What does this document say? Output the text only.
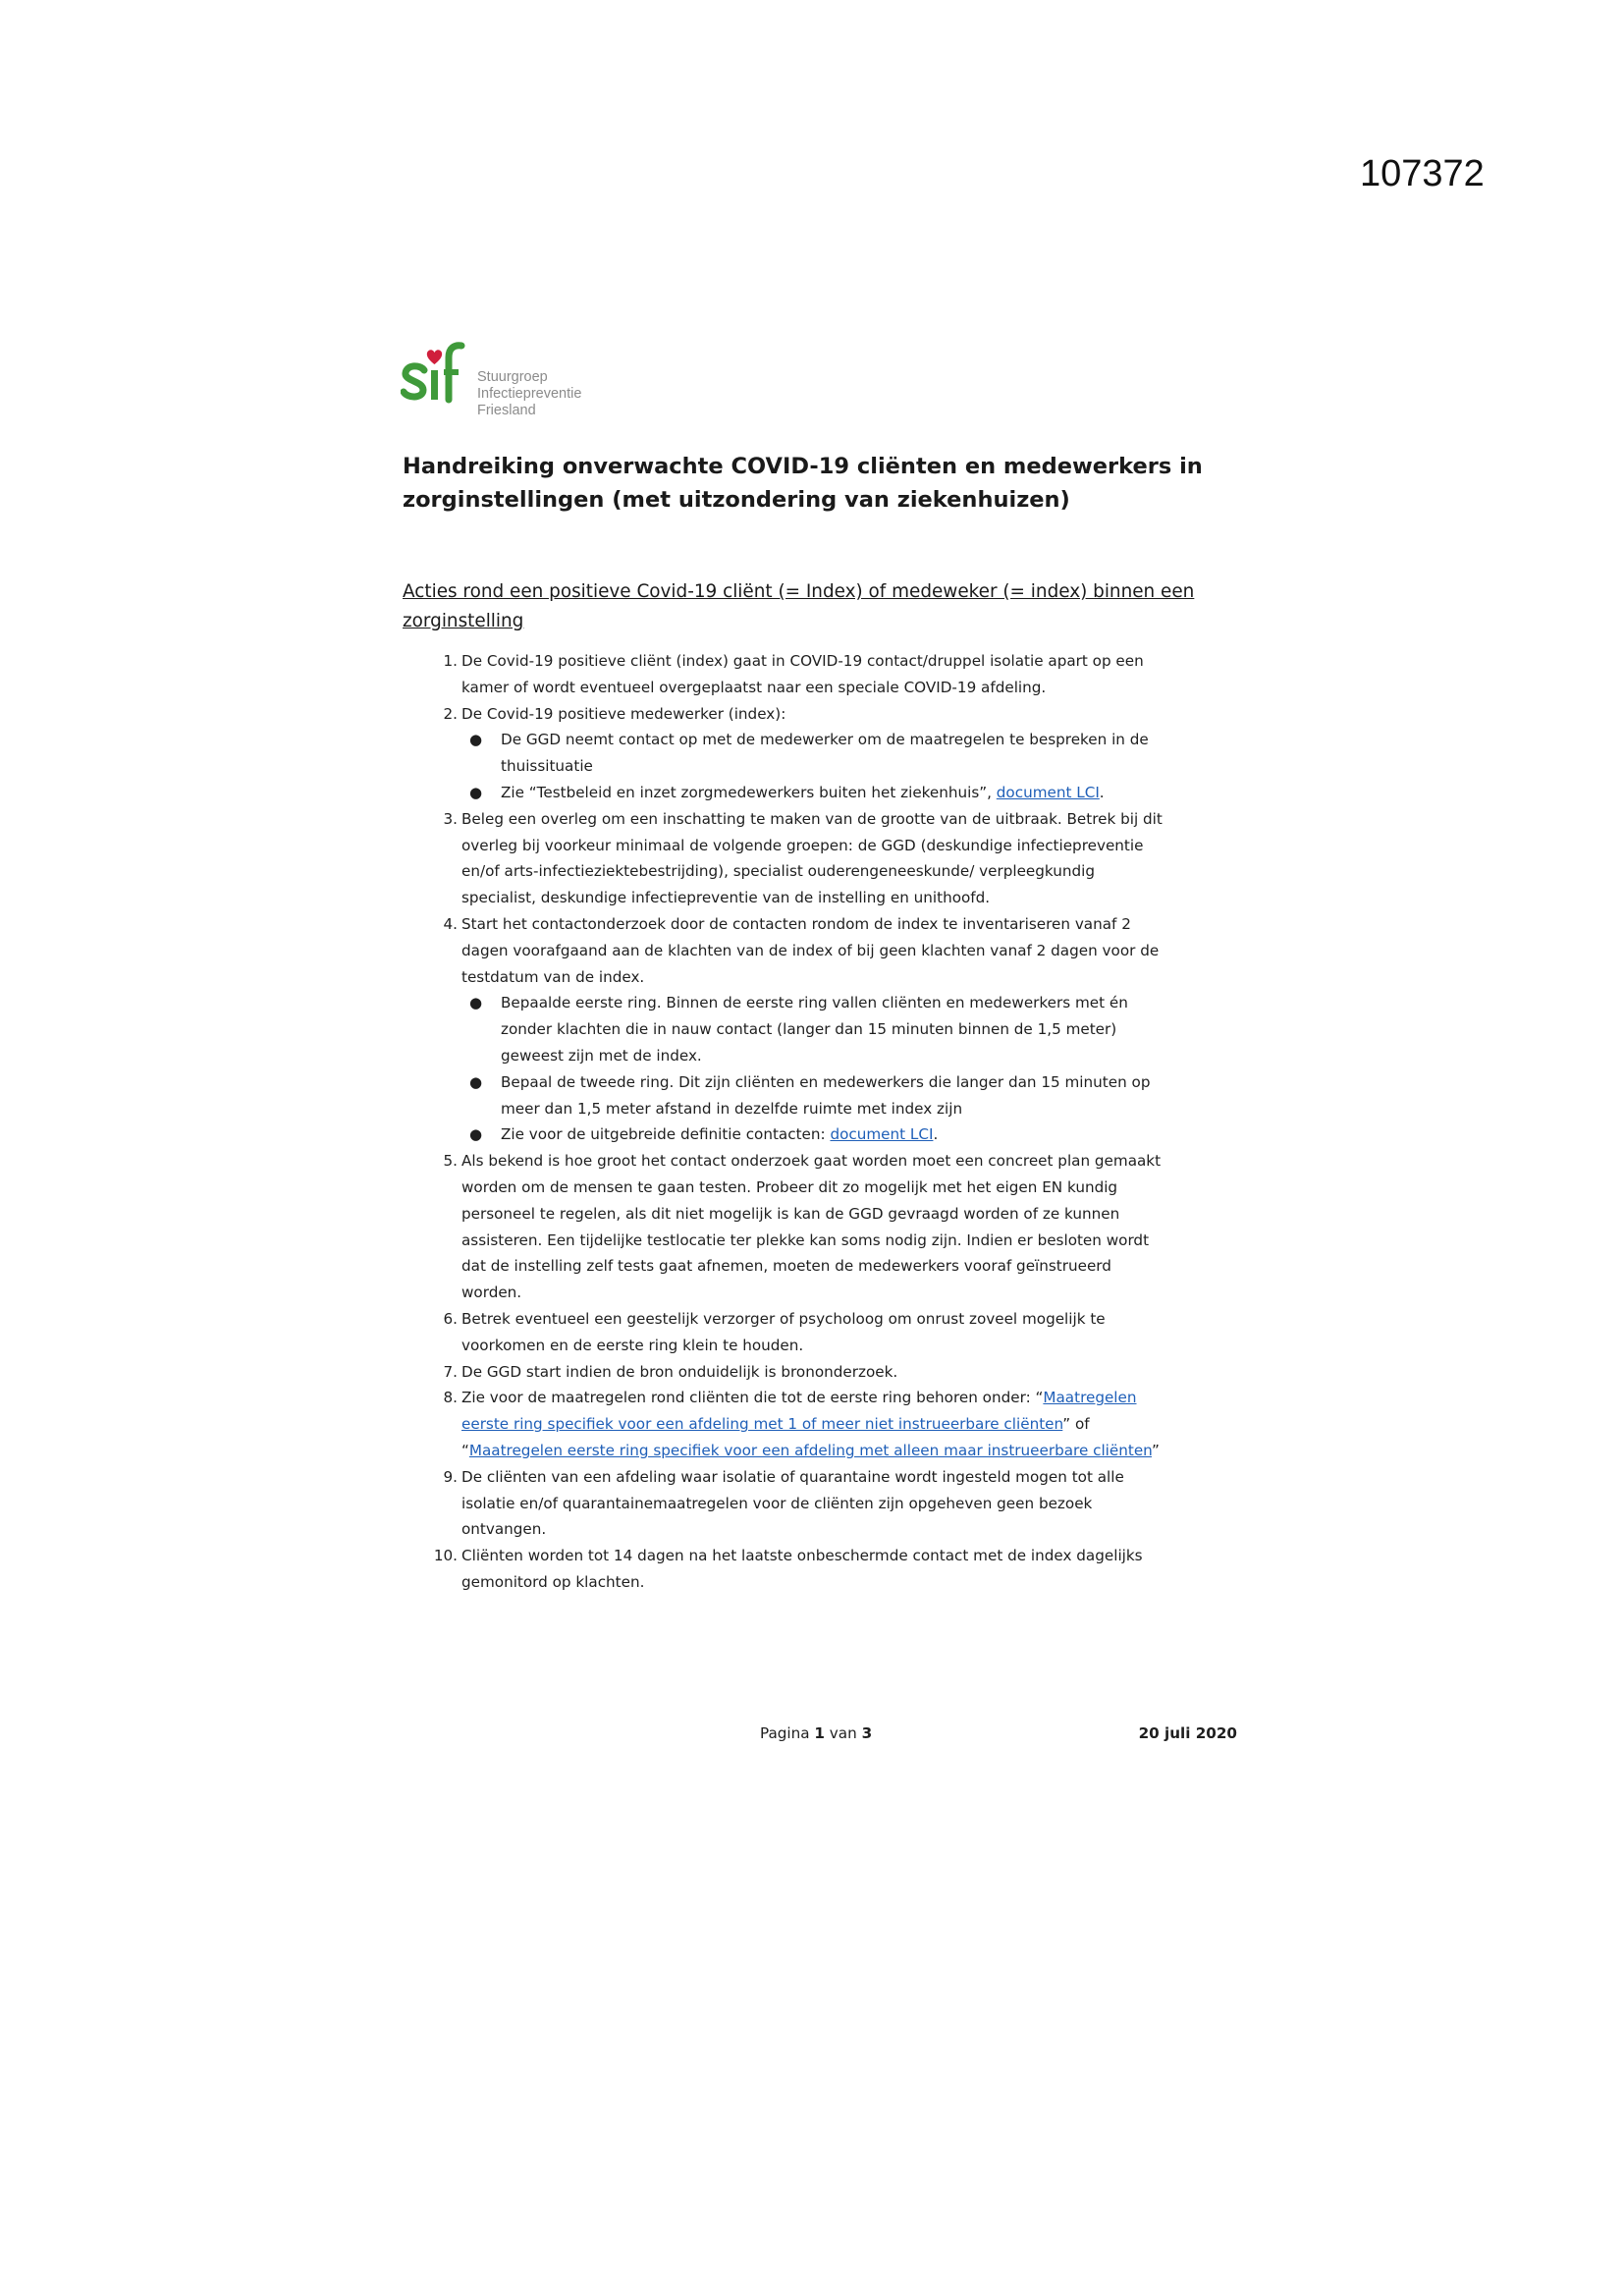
107372
Stuurgroep
Infectiepreventie
Friesland
Handreiking onverwachte COVID-19 cliënten en medewerkers in
zorginstellingen (met uitzondering van ziekenhuizen)
Acties rond een positieve Covid-19 cliënt (= Index) of medeweker (= index) binnen een
zorginstelling
1. De Covid-19 positieve cliënt (index) gaat in COVID-19 contact/druppel isolatie apart op een
kamer of wordt eventueel overgeplaatst naar een speciale COVID-19 afdeling.
2. De Covid-19 positieve medewerker (index):
● De GGD neemt contact op met de medewerker om de maatregelen te bespreken in de
thuissituatie
● Zie “Testbeleid en inzet zorgmedewerkers buiten het ziekenhuis”, document LCI.
3. Beleg een overleg om een inschatting te maken van de grootte van de uitbraak. Betrek bij dit
overleg bij voorkeur minimaal de volgende groepen: de GGD (deskundige infectiepreventie
en/of arts-infectieziektebestrijding), specialist ouderengeneeskunde/ verpleegkundig
specialist, deskundige infectiepreventie van de instelling en unithoofd.
4. Start het contactonderzoek door de contacten rondom de index te inventariseren vanaf 2
dagen voorafgaand aan de klachten van de index of bij geen klachten vanaf 2 dagen voor de
testdatum van de index.
● Bepaalde eerste ring. Binnen de eerste ring vallen cliënten en medewerkers met én
zonder klachten die in nauw contact (langer dan 15 minuten binnen de 1,5 meter)
geweest zijn met de index.
● Bepaal de tweede ring. Dit zijn cliënten en medewerkers die langer dan 15 minuten op
meer dan 1,5 meter afstand in dezelfde ruimte met index zijn
● Zie voor de uitgebreide definitie contacten: document LCI.
5. Als bekend is hoe groot het contact onderzoek gaat worden moet een concreet plan gemaakt
worden om de mensen te gaan testen. Probeer dit zo mogelijk met het eigen EN kundig
personeel te regelen, als dit niet mogelijk is kan de GGD gevraagd worden of ze kunnen
assisteren. Een tijdelijke testlocatie ter plekke kan soms nodig zijn. Indien er besloten wordt
dat de instelling zelf tests gaat afnemen, moeten de medewerkers vooraf geïnstrueerd
worden.
6. Betrek eventueel een geestelijk verzorger of psycholoog om onrust zoveel mogelijk te
voorkomen en de eerste ring klein te houden.
7. De GGD start indien de bron onduidelijk is brononderzoek.
8. Zie voor de maatregelen rond cliënten die tot de eerste ring behoren onder: “Maatregelen
eerste ring specifiek voor een afdeling met 1 of meer niet instrueerbare cliënten” of
“Maatregelen eerste ring specifiek voor een afdeling met alleen maar instrueerbare cliënten”
9. De cliënten van een afdeling waar isolatie of quarantaine wordt ingesteld mogen tot alle
isolatie en/of quarantainemaatregelen voor de cliënten zijn opgeheven geen bezoek
ontvangen.
10. Cliënten worden tot 14 dagen na het laatste onbeschermde contact met de index dagelijks
gemonitord op klachten.
Pagina 1 van 3	20 juli 2020
